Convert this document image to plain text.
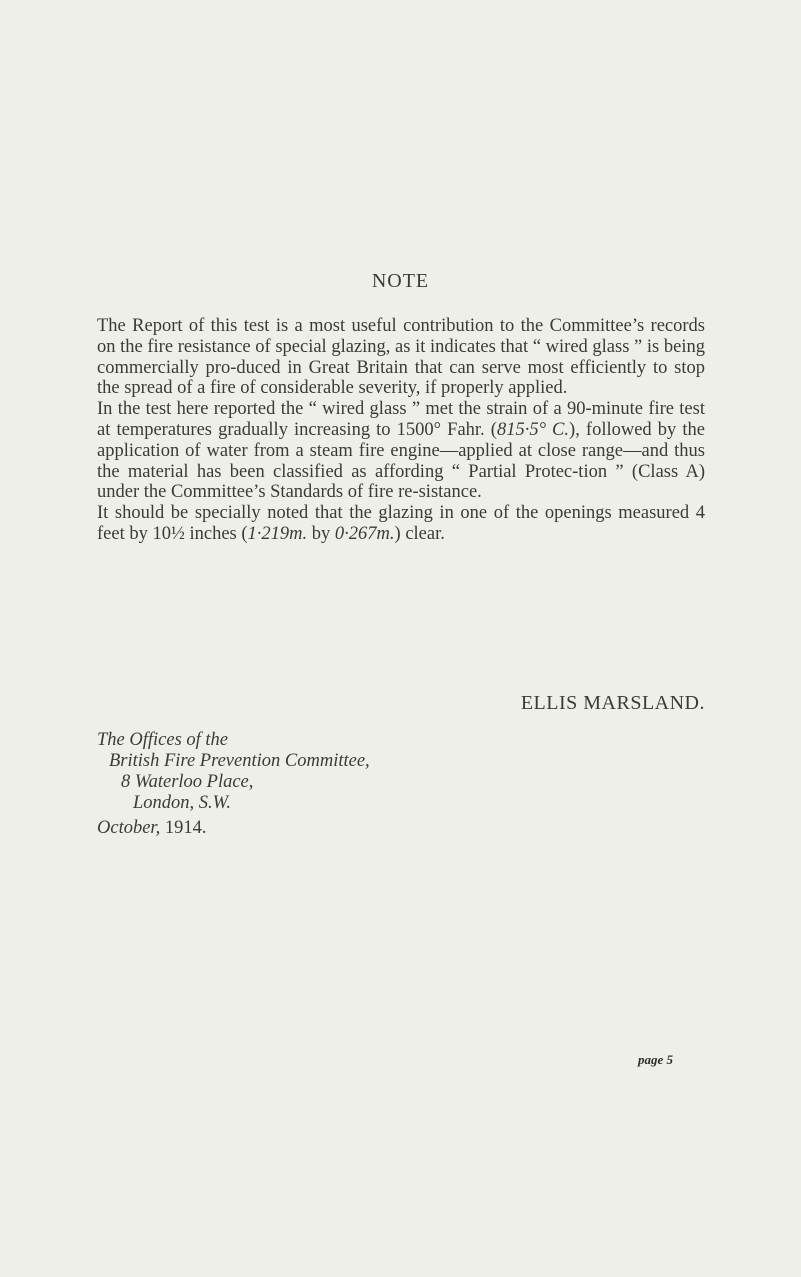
NOTE

The Report of this test is a most useful contribution to the Committee’s records on the fire resistance of special glazing, as it indicates that “ wired glass ” is being commercially pro-duced in Great Britain that can serve most efficiently to stop the spread of a fire of considerable severity, if properly applied.

In the test here reported the “ wired glass ” met the strain of a 90-minute fire test at temperatures gradually increasing to 1500° Fahr. (815·5° C.), followed by the application of water from a steam fire engine—applied at close range—and thus the material has been classified as affording “ Partial Protec-tion ” (Class A) under the Committee’s Standards of fire re-sistance.

It should be specially noted that the glazing in one of the openings measured 4 feet by 10½ inches (1·219m. by 0·267m.) clear.

ELLIS MARSLAND.
The Offices of the
British Fire Prevention Committee,
8 Waterloo Place,
London, S.W.
October, 1914.
page 5
